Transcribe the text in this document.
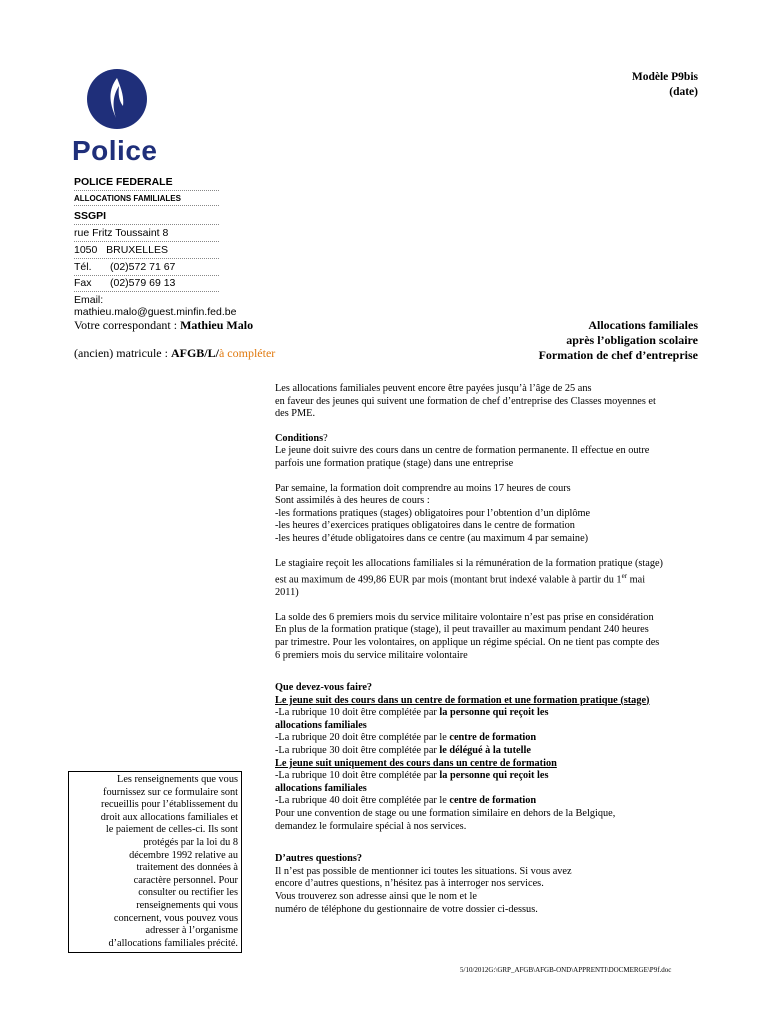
Police
Modèle P9bis
(date)
POLICE FEDERALE
ALLOCATIONS FAMILIALES
SSGPI
rue Fritz Toussaint 8
1050   BRUXELLES
Tél. (02)572 71 67
Fax (02)579 69 13
Email:
mathieu.malo@guest.minfin.fed.be
Votre correspondant : Mathieu Malo
(ancien) matricule : AFGB/L/à compléter
Allocations familiales
après l’obligation scolaire
Formation de chef d’entreprise

Les allocations familiales peuvent encore être payées jusqu’à l’âge de 25 ans
en faveur des jeunes qui suivent une formation de chef d’entreprise des Classes moyennes et
des PME.

Conditions?
Le jeune doit suivre des cours dans un centre de formation permanente. Il effectue en outre
parfois une formation pratique (stage) dans une entreprise

Par semaine, la formation doit comprendre au moins 17 heures de cours
Sont assimilés à des heures de cours :
-les formations pratiques (stages) obligatoires pour l’obtention d’un diplôme
-les heures d’exercices pratiques obligatoires dans le centre de formation
-les heures d’étude obligatoires dans ce centre (au maximum 4 par semaine)

Le stagiaire reçoit les allocations familiales si la rémunération de la formation pratique (stage)
est au maximum de 499,86 EUR par mois (montant brut indexé valable à partir du 1er mai
2011)

La solde des 6 premiers mois du service militaire volontaire n’est pas prise en considération
En plus de la formation pratique (stage), il peut travailler au maximum pendant 240 heures
par trimestre. Pour les volontaires, on applique un régime spécial. On ne tient pas compte des
6 premiers mois du service militaire volontaire

Que devez-vous faire?
Le jeune suit des cours dans un centre de formation et une formation pratique (stage)
-La rubrique 10 doit être complétée par la personne qui reçoit les
allocations familiales
-La rubrique 20 doit être complétée par le centre de formation
-La rubrique 30 doit être complétée par le délégué à la tutelle
Le jeune suit uniquement des cours dans un centre de formation
-La rubrique 10 doit être complétée par la personne qui reçoit les
allocations familiales
-La rubrique 40 doit être complétée par le centre de formation
Pour une convention de stage ou une formation similaire en dehors de la Belgique,
demandez le formulaire spécial à nos services.

D’autres questions?
Il n’est pas possible de mentionner ici toutes les situations. Si vous avez
encore d’autres questions, n’hésitez pas à interroger nos services.
Vous trouverez son adresse ainsi que le nom et le
numéro de téléphone du gestionnaire de votre dossier ci-dessus.

Les renseignements que vous
fournissez sur ce formulaire sont
recueillis pour l’établissement du
droit aux allocations familiales et
le paiement de celles-ci. Ils sont
protégés par la loi du 8
décembre 1992 relative au
traitement des données à
caractère personnel. Pour
consulter ou rectifier les
renseignements qui vous
concernent, vous pouvez vous
adresser à l’organisme
d’allocations familiales précité.
5/10/2012G:\GRP_AFGB\AFGB-OND\APPRENTI\DOCMERGE\P9f.doc
